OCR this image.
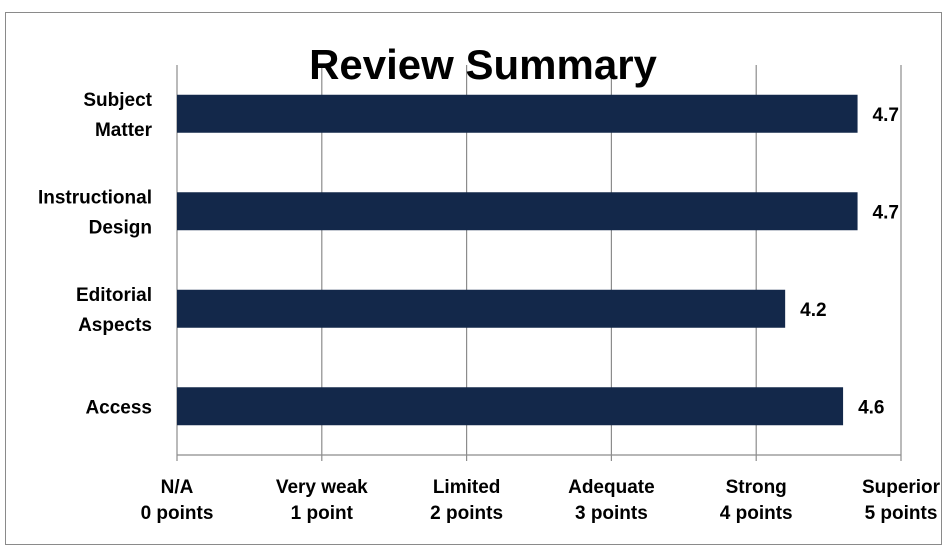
N/A 0 points
Very weak 1 point
Limited 2 points
Adequate 3 points
Strong 4 points
Superior 5 points
4.7
Subject Matter
4.7
Instructional Design
4.2
Editorial Aspects
4.6
Access
Review Summary
